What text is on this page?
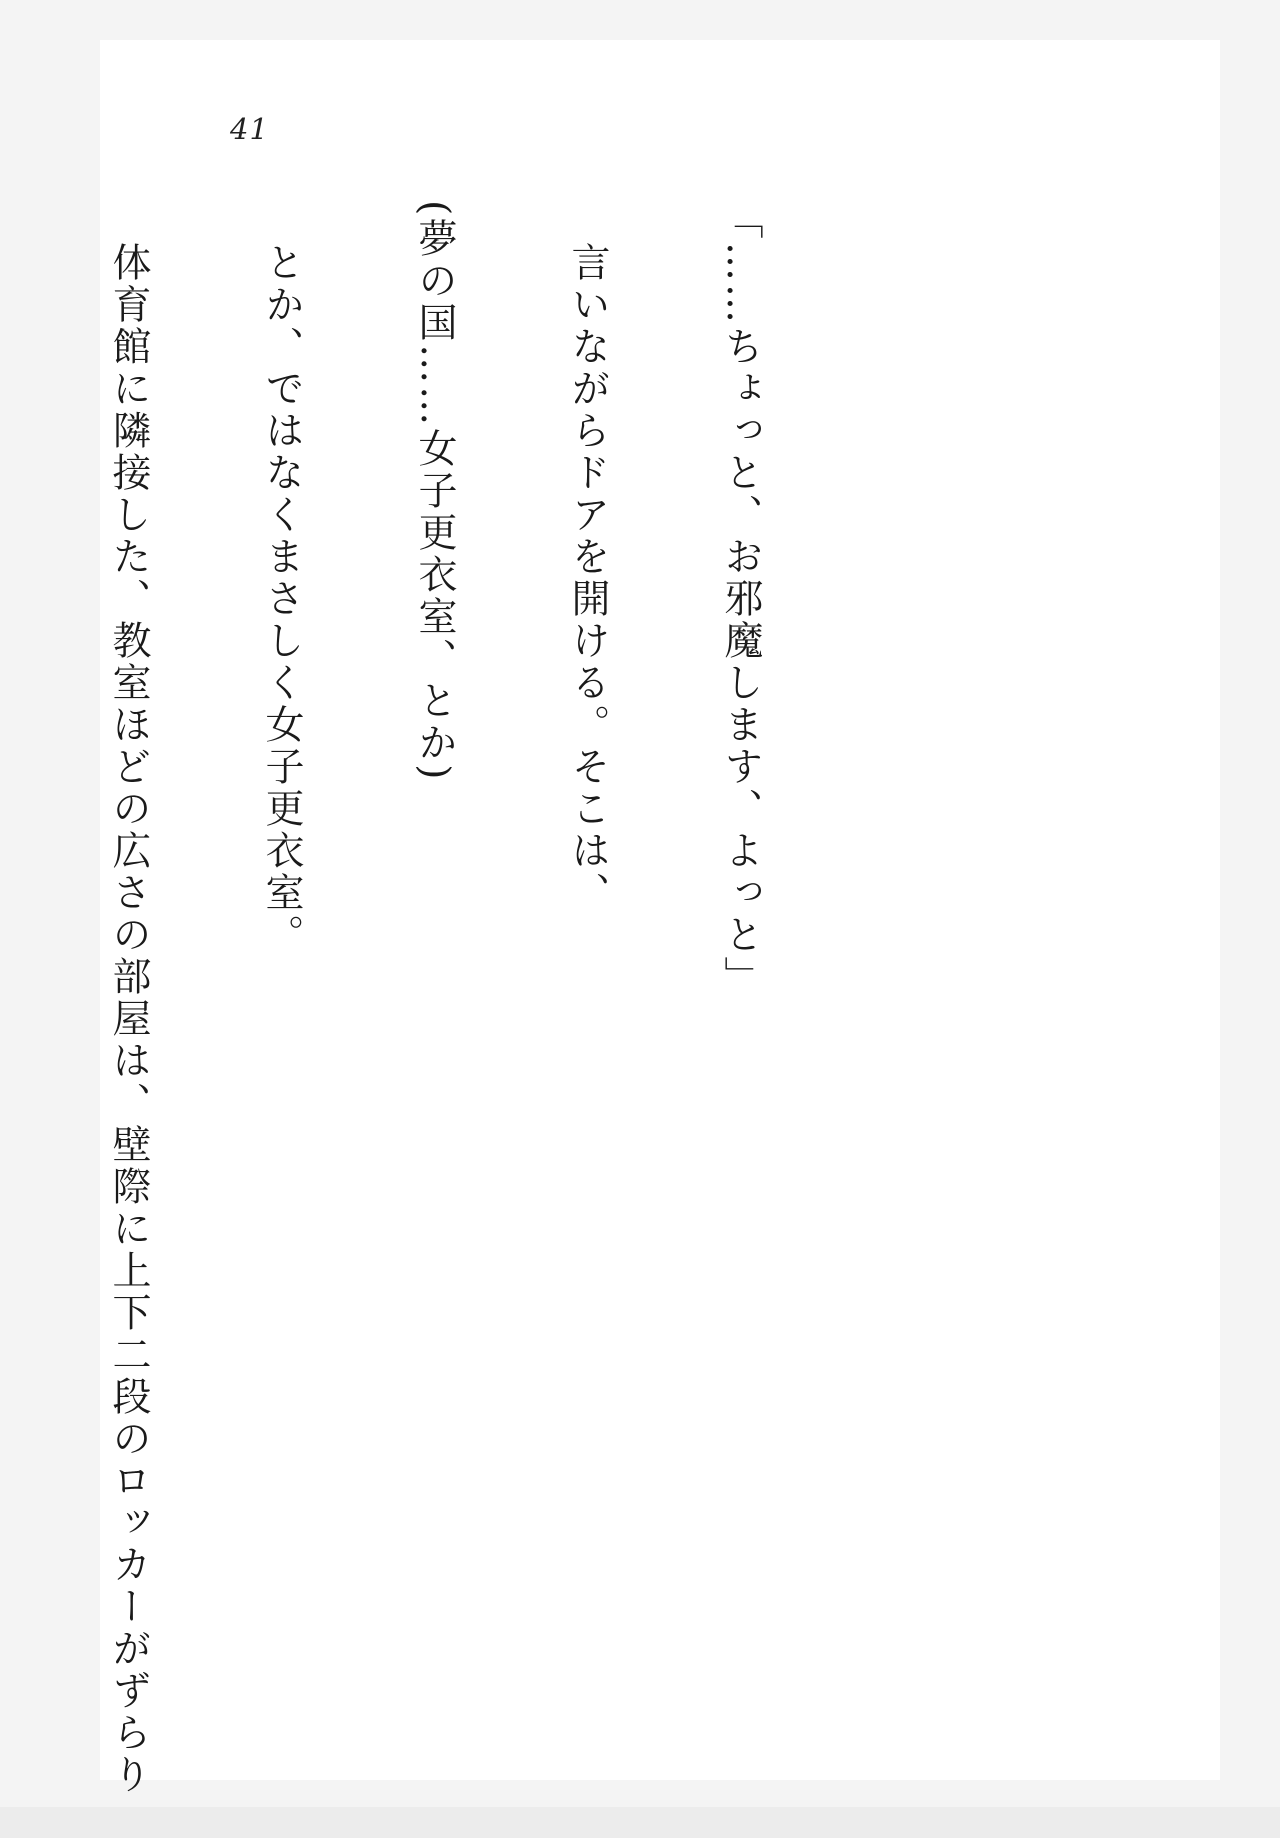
41

「……ちょっと、お邪魔します、よっと」

　言いながらドアを開ける。そこは、

(夢の国……女子更衣室、とか)

　とか、ではなくまさしく女子更衣室。

　体育館に隣接した、教室ほどの広さの部屋は、壁際に上下二段のロッカーがずらり
